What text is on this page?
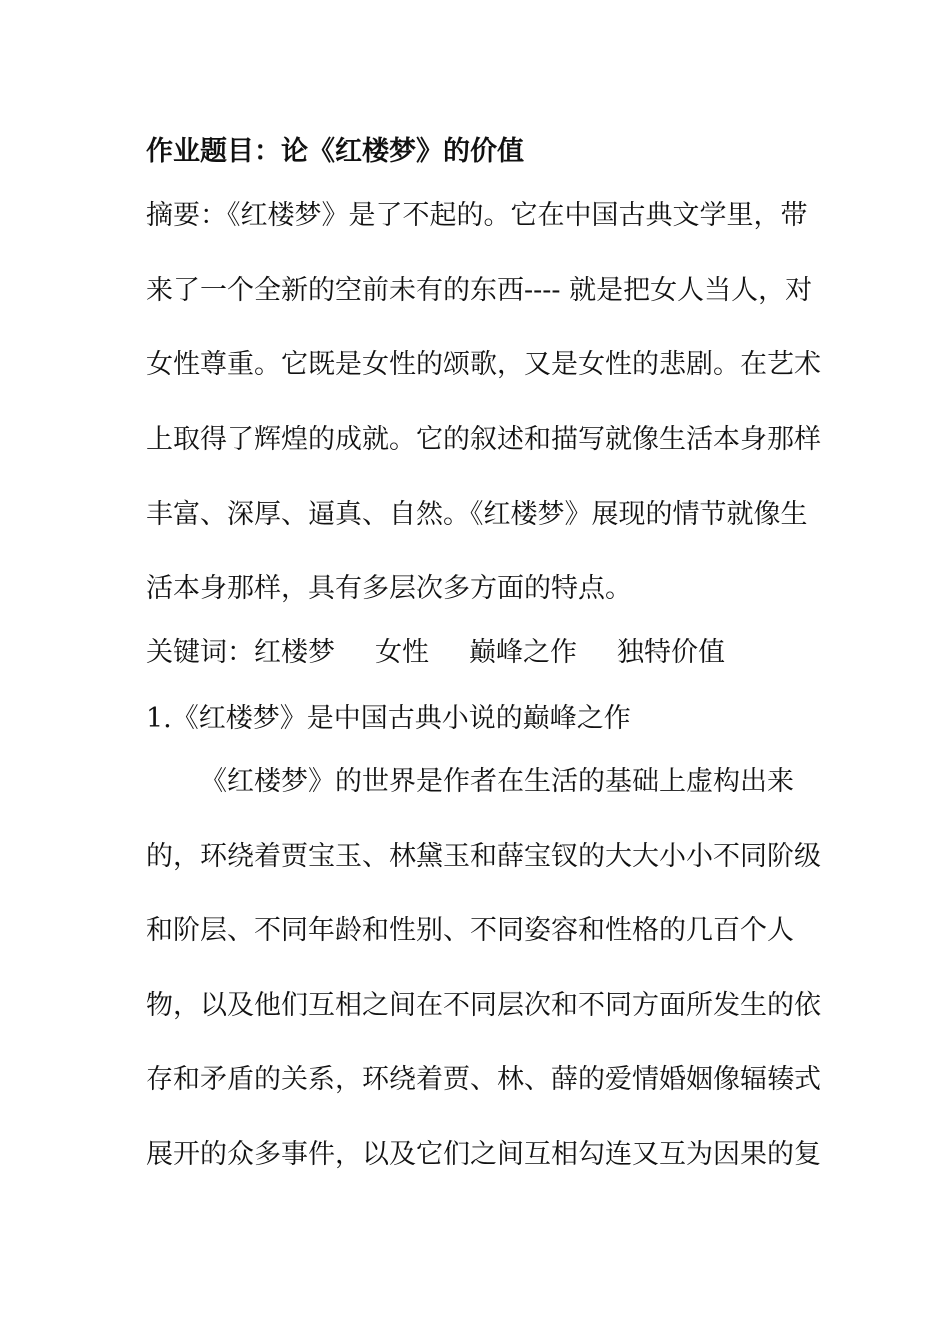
作业题目：论《红楼梦》的价值
摘要：《红楼梦》是了不起的。它在中国古典文学里，带
来了一个全新的空前未有的东西---- 就是把女人当人，对
女性尊重。它既是女性的颂歌，又是女性的悲剧。在艺术
上取得了辉煌的成就。它的叙述和描写就像生活本身那样
丰富、深厚、逼真、自然。《红楼梦》展现的情节就像生
活本身那样，具有多层次多方面的特点。
关键词：红楼梦 女性 巅峰之作 独特价值
1.《红楼梦》是中国古典小说的巅峰之作
《红楼梦》的世界是作者在生活的基础上虚构出来
的，环绕着贾宝玉、林黛玉和薛宝钗的大大小小不同阶级
和阶层、不同年龄和性别、不同姿容和性格的几百个人
物，以及他们互相之间在不同层次和不同方面所发生的依
存和矛盾的关系，环绕着贾、林、薛的爱情婚姻像辐辏式
展开的众多事件，以及它们之间互相勾连又互为因果的复
